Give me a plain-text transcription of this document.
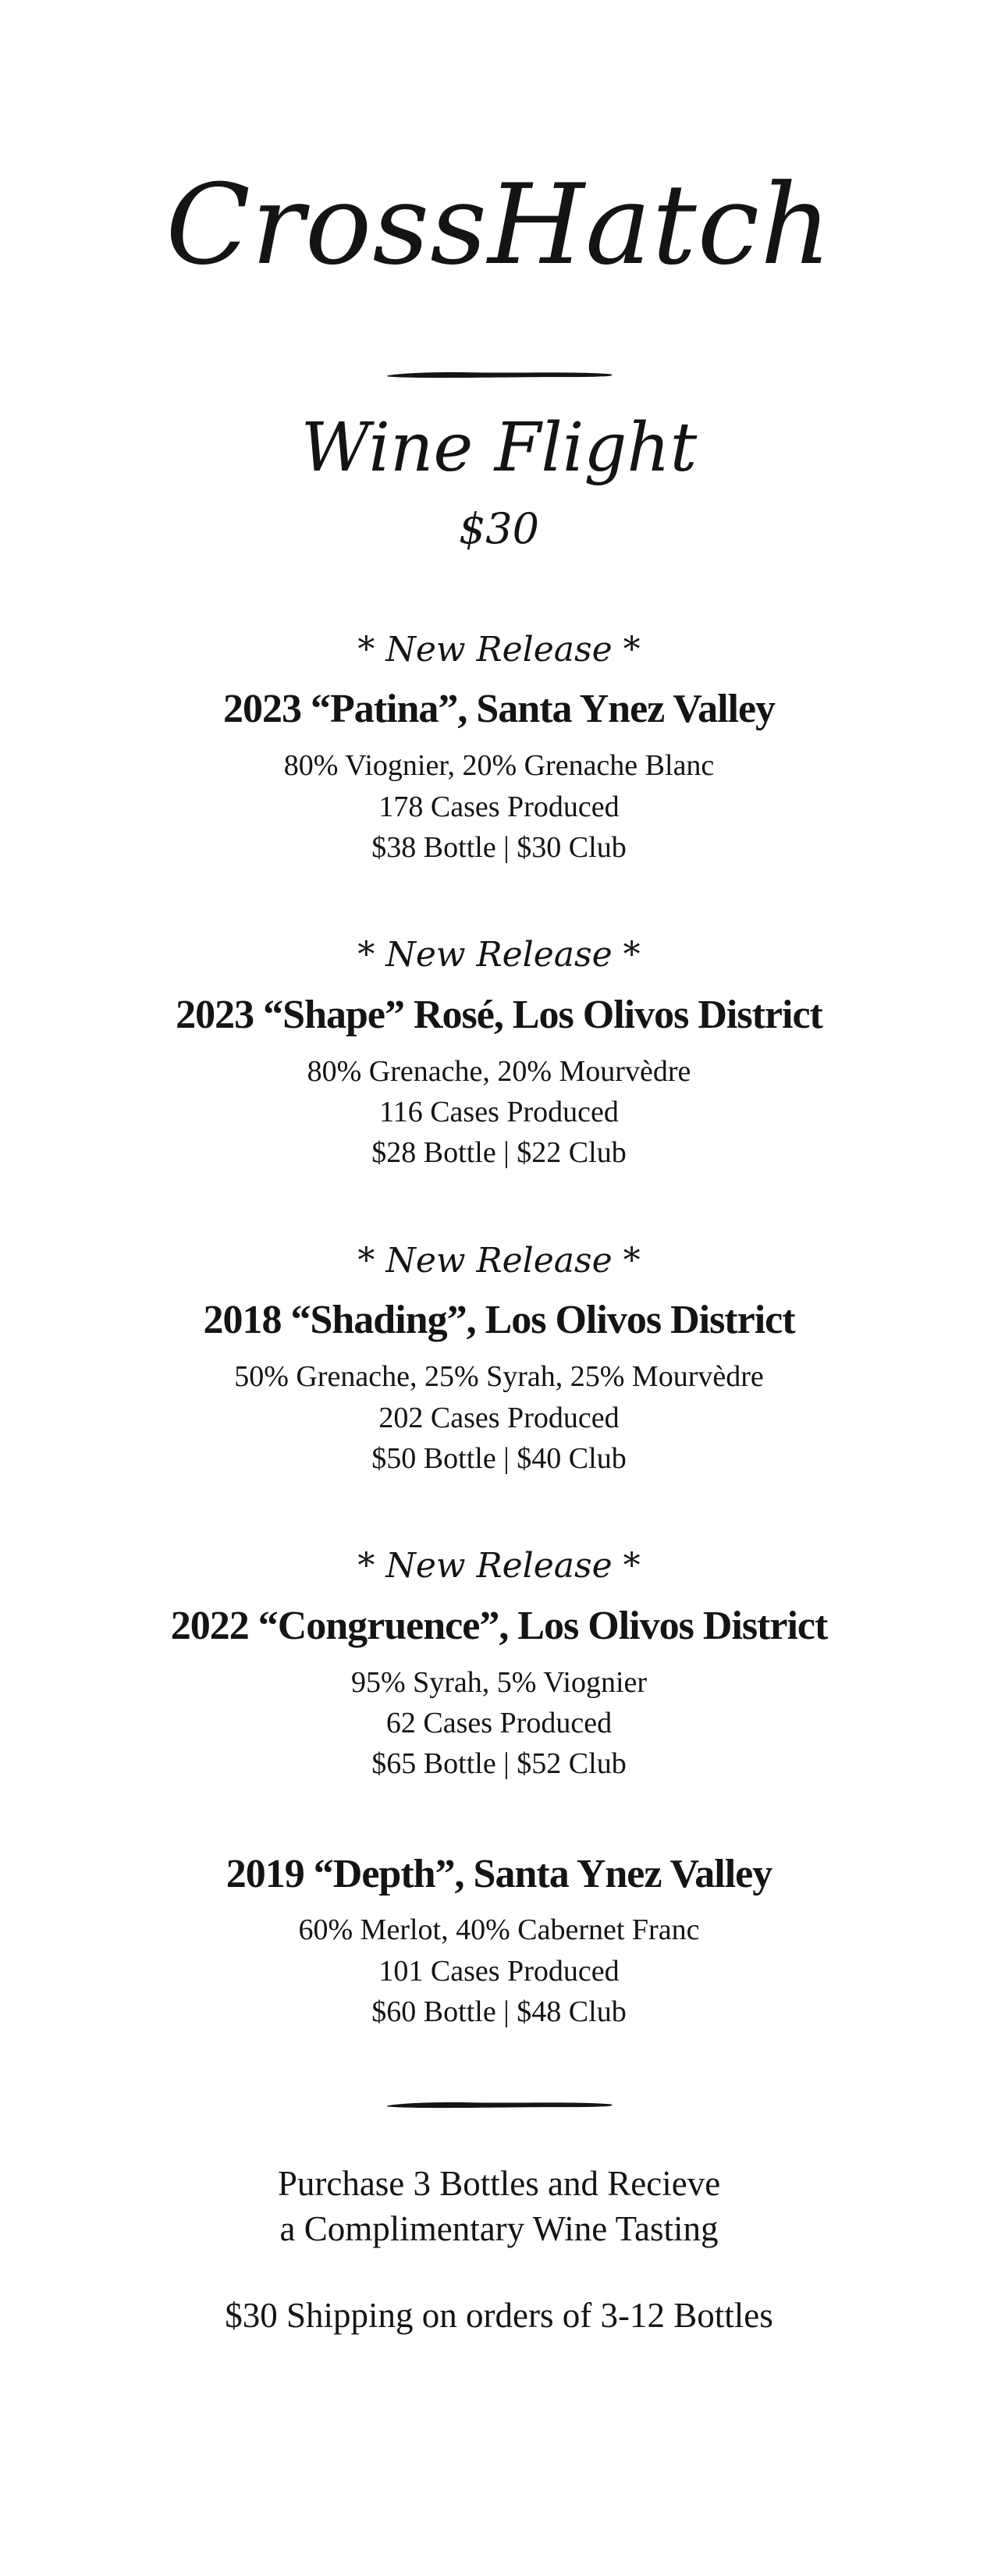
CrossHatch
Wine Flight
$30
* New Release *
2023 “Patina”, Santa Ynez Valley
80% Viognier, 20% Grenache Blanc
178 Cases Produced
$38 Bottle | $30 Club
* New Release *
2023 “Shape” Rosé, Los Olivos District
80% Grenache, 20% Mourvèdre
116 Cases Produced
$28 Bottle | $22 Club
* New Release *
2018 “Shading”, Los Olivos District
50% Grenache, 25% Syrah, 25% Mourvèdre
202 Cases Produced
$50 Bottle | $40 Club
* New Release *
2022 “Congruence”, Los Olivos District
95% Syrah, 5% Viognier
62 Cases Produced
$65 Bottle | $52 Club
2019 “Depth”, Santa Ynez Valley
60% Merlot, 40% Cabernet Franc
101 Cases Produced
$60 Bottle | $48 Club
Purchase 3 Bottles and Recieve
a Complimentary Wine Tasting
$30 Shipping on orders of 3-12 Bottles
